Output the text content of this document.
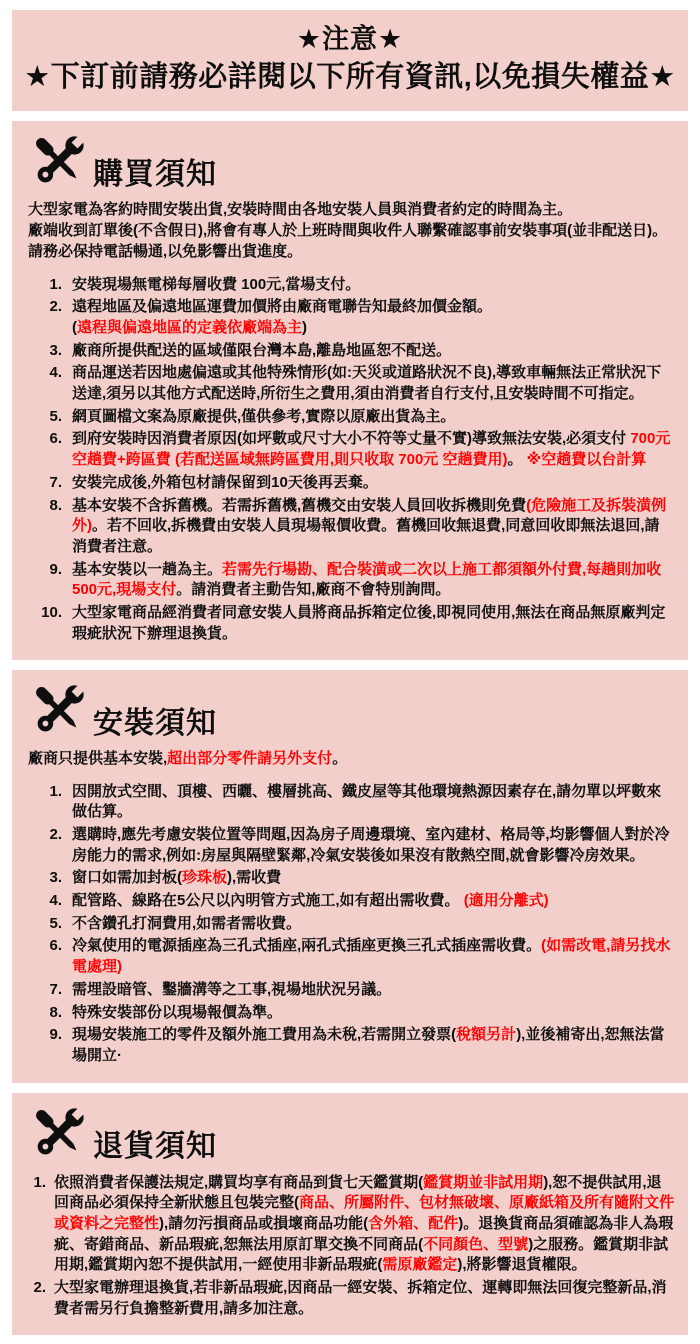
★注意★
★下訂前請務必詳閱以下所有資訊,以免損失權益★
購買須知
大型家電為客約時間安裝出貨,安裝時間由各地安裝人員與消費者約定的時間為主。
廠端收到訂單後(不含假日),將會有專人於上班時間與收件人聯繫確認事前安裝事項(並非配送日)。
請務必保持電話暢通,以免影響出貨進度。
安裝現場無電梯每層收費 100元,當場支付。
遠程地區及偏遠地區運費加價將由廠商電聯告知最終加價金額。
(遠程與偏遠地區的定義依廠端為主)
廠商所提供配送的區域僅限台灣本島,離島地區恕不配送。
商品運送若因地處偏遠或其他特殊情形(如:天災或道路狀況不良),導致車輛無法正常狀況下送達,須另以其他方式配送時,所衍生之費用,須由消費者自行支付,且安裝時間不可指定。
網頁圖檔文案為原廠提供,僅供參考,實際以原廠出貨為主。
到府安裝時因消費者原因(如坪數或尺寸大小不符等丈量不實)導致無法安裝,必須支付 700元空趟費+跨區費 (若配送區域無跨區費用,則只收取 700元 空趟費用)。 ※空趟費以台計算
安裝完成後,外箱包材請保留到10天後再丟棄。
基本安裝不含拆舊機。若需拆舊機,舊機交由安裝人員回收拆機則免費(危險施工及拆裝潢例外)。若不回收,拆機費由安裝人員現場報價收費。舊機回收無退費,同意回收即無法退回,請消費者注意。
基本安裝以一趟為主。若需先行場勘、配合裝潢或二次以上施工都須額外付費,每趟則加收 500元,現場支付。請消費者主動告知,廠商不會特別詢問。
大型家電商品經消費者同意安裝人員將商品拆箱定位後,即視同使用,無法在商品無原廠判定瑕疵狀況下辦理退換貨。
安裝須知
廠商只提供基本安裝,超出部分零件請另外支付。
因開放式空間、頂樓、西曬、樓層挑高、鐵皮屋等其他環境熱源因素存在,請勿單以坪數來做估算。
選購時,應先考慮安裝位置等問題,因為房子周邊環境、室內建材、格局等,均影響個人對於冷房能力的需求,例如:房屋與隔壁緊鄰,冷氣安裝後如果沒有散熱空間,就會影響冷房效果。
窗口如需加封板(珍珠板),需收費
配管路、線路在5公尺以內明管方式施工,如有超出需收費。 (適用分離式)
不含鑽孔打洞費用,如需者需收費。
冷氣使用的電源插座為三孔式插座,兩孔式插座更換三孔式插座需收費。(如需改電,請另找水電處理)
需埋設暗管、鑿牆溝等之工事,視場地狀況另議。
特殊安裝部份以現場報價為準。
現場安裝施工的零件及額外施工費用為未稅,若需開立發票(稅額另計),並後補寄出,恕無法當場開立·
退貨須知
依照消費者保護法規定,購買均享有商品到貨七天鑑賞期(鑑賞期並非試用期),恕不提供試用,退回商品必須保持全新狀態且包裝完整(商品、所屬附件、包材無破壞、原廠紙箱及所有隨附文件或資料之完整性),請勿污損商品或損壞商品功能(含外箱、配件)。退換貨商品須確認為非人為瑕疵、寄錯商品、新品瑕疵,恕無法用原訂單交換不同商品(不同顏色、型號)之服務。鑑賞期非試用期,鑑賞期內恕不提供試用,一經使用非新品瑕疵(需原廠鑑定),將影響退貨權限。
大型家電辦理退換貨,若非新品瑕疵,因商品一經安裝、拆箱定位、運轉即無法回復完整新品,消費者需另行負擔整新費用,請多加注意。
